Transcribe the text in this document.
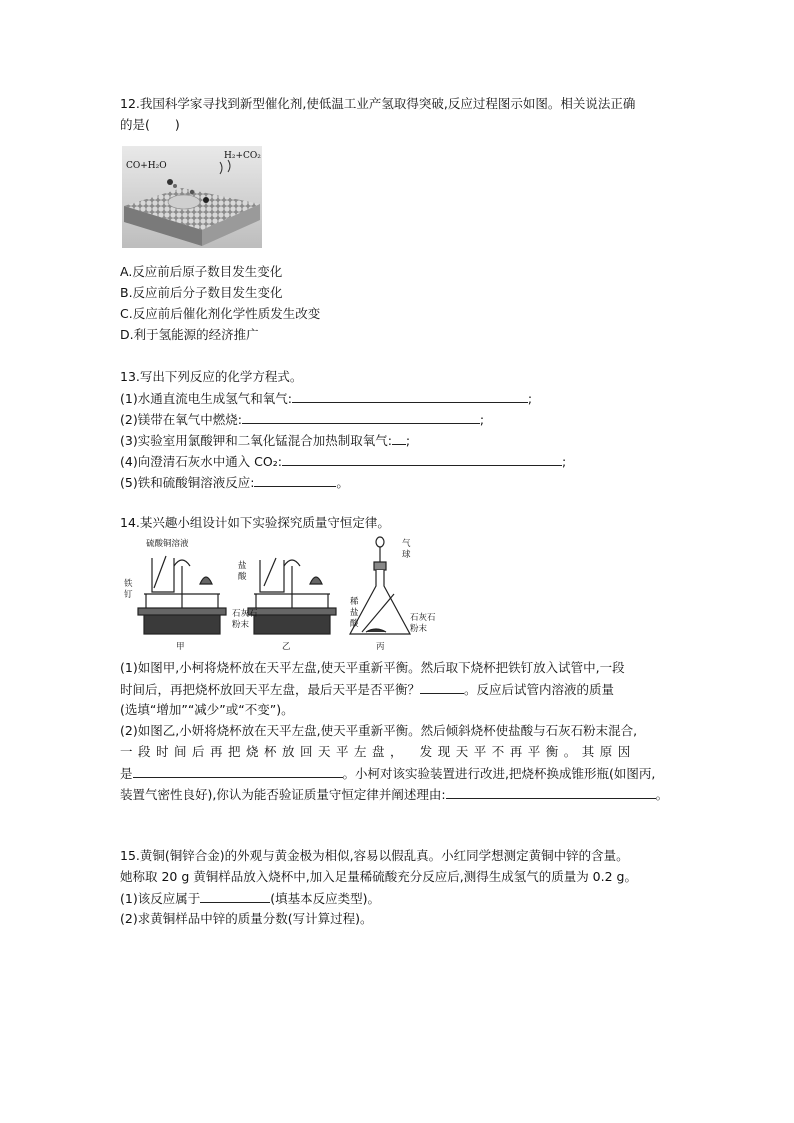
12.我国科学家寻找到新型催化剂,使低温工业产氢取得突破,反应过程图示如图。相关说法正确
的是(　　)
CO+H₂O
H₂+CO₂
A.反应前后原子数目发生变化
B.反应前后分子数目发生变化
C.反应前后催化剂化学性质发生改变
D.利于氢能源的经济推广
13.写出下列反应的化学方程式。
(1)水通直流电生成氢气和氧气:	;
(2)镁带在氧气中燃烧:	;
(3)实验室用氯酸钾和二氧化锰混合加热制取氧气: ;
(4)向澄清石灰水中通入 CO₂:	;
(5)铁和硫酸铜溶液反应:	。
14.某兴趣小组设计如下实验探究质量守恒定律。
硫酸铜溶液
铁
钉
甲
盐
酸
石灰石
粉末
乙
气
球
稀
盐
酸
石灰石
粉末
丙
(1)如图甲,小柯将烧杯放在天平左盘,使天平重新平衡。然后取下烧杯把铁钉放入试管中,一段
时间后，再把烧杯放回天平左盘，最后天平是否平衡？	。反应后试管内溶液的质量
(选填“增加”“减少”或“不变”)。
(2)如图乙,小妍将烧杯放在天平左盘,使天平重新平衡。然后倾斜烧杯使盐酸与石灰石粉末混合,
一段时间后再把烧杯放回天平左盘，　发现天平不再平衡。其原因
是	。小柯对该实验装置进行改进,把烧杯换成锥形瓶(如图丙,
装置气密性良好),你认为能否验证质量守恒定律并阐述理由:	。
15.黄铜(铜锌合金)的外观与黄金极为相似,容易以假乱真。小红同学想测定黄铜中锌的含量。
她称取 20 g 黄铜样品放入烧杯中,加入足量稀硫酸充分反应后,测得生成氢气的质量为 0.2 g。
(1)该反应属于	(填基本反应类型)。
(2)求黄铜样品中锌的质量分数(写计算过程)。
